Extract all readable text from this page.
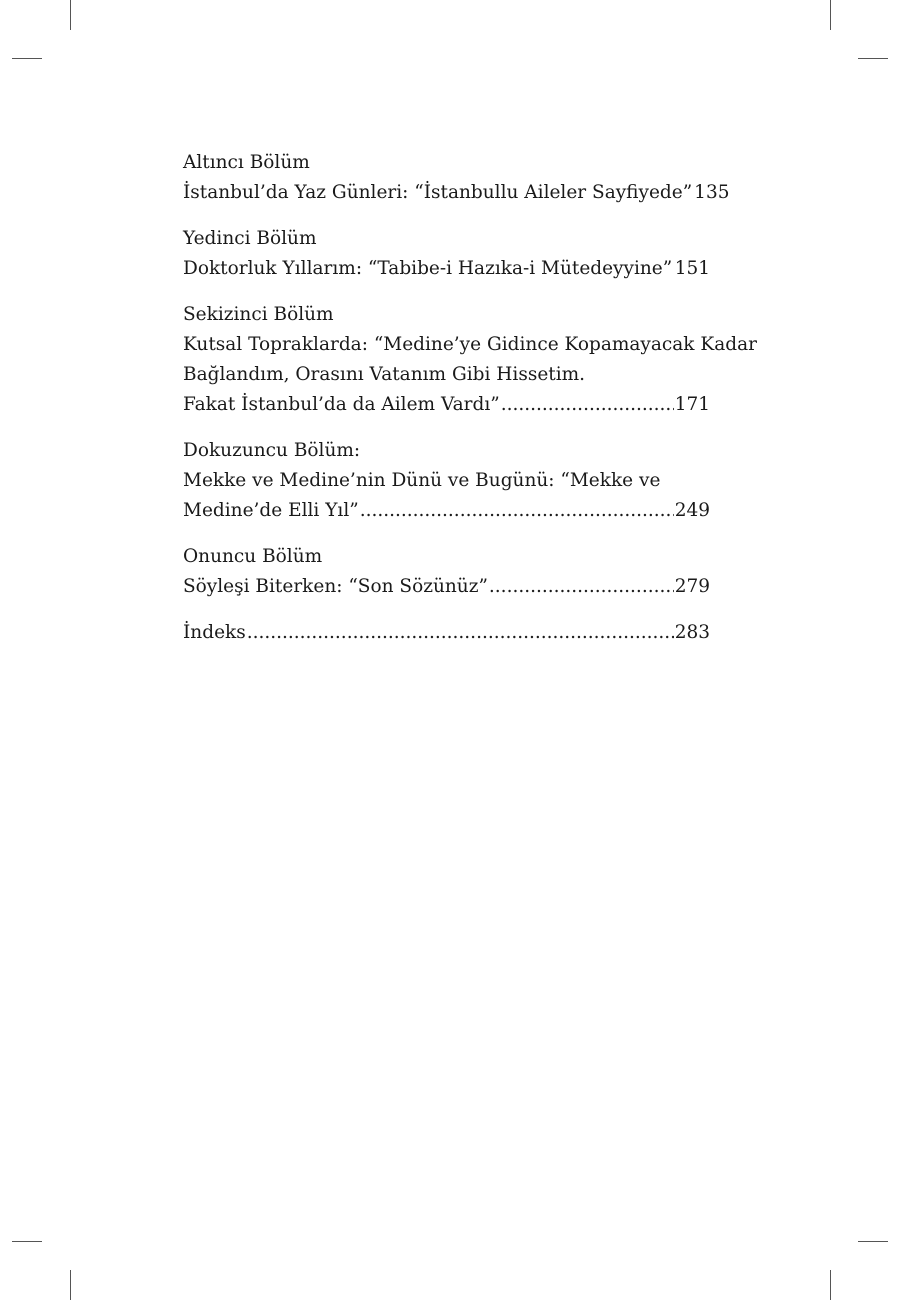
Altıncı Bölüm
İstanbul’da Yaz Günleri: “İstanbullu Aileler Sayfiyede” 135
Yedinci Bölüm
Doktorluk Yıllarım: “Tabibe-i Hazıka-i Mütedeyyine” ..... 151
Sekizinci Bölüm
Kutsal Topraklarda: “Medine’ye Gidince Kopamayacak Kadar
Bağlandım, Orasını Vatanım Gibi Hissetim.
Fakat İstanbul’da da Ailem Vardı” .....	171
Dokuzuncu Bölüm:
Mekke ve Medine’nin Dünü ve Bugünü: “Mekke ve
Medine’de Elli Yıl” .....	249
Onuncu Bölüm
Söyleşi Biterken: “Son Sözünüz” .....	279
İndeks .....	283
